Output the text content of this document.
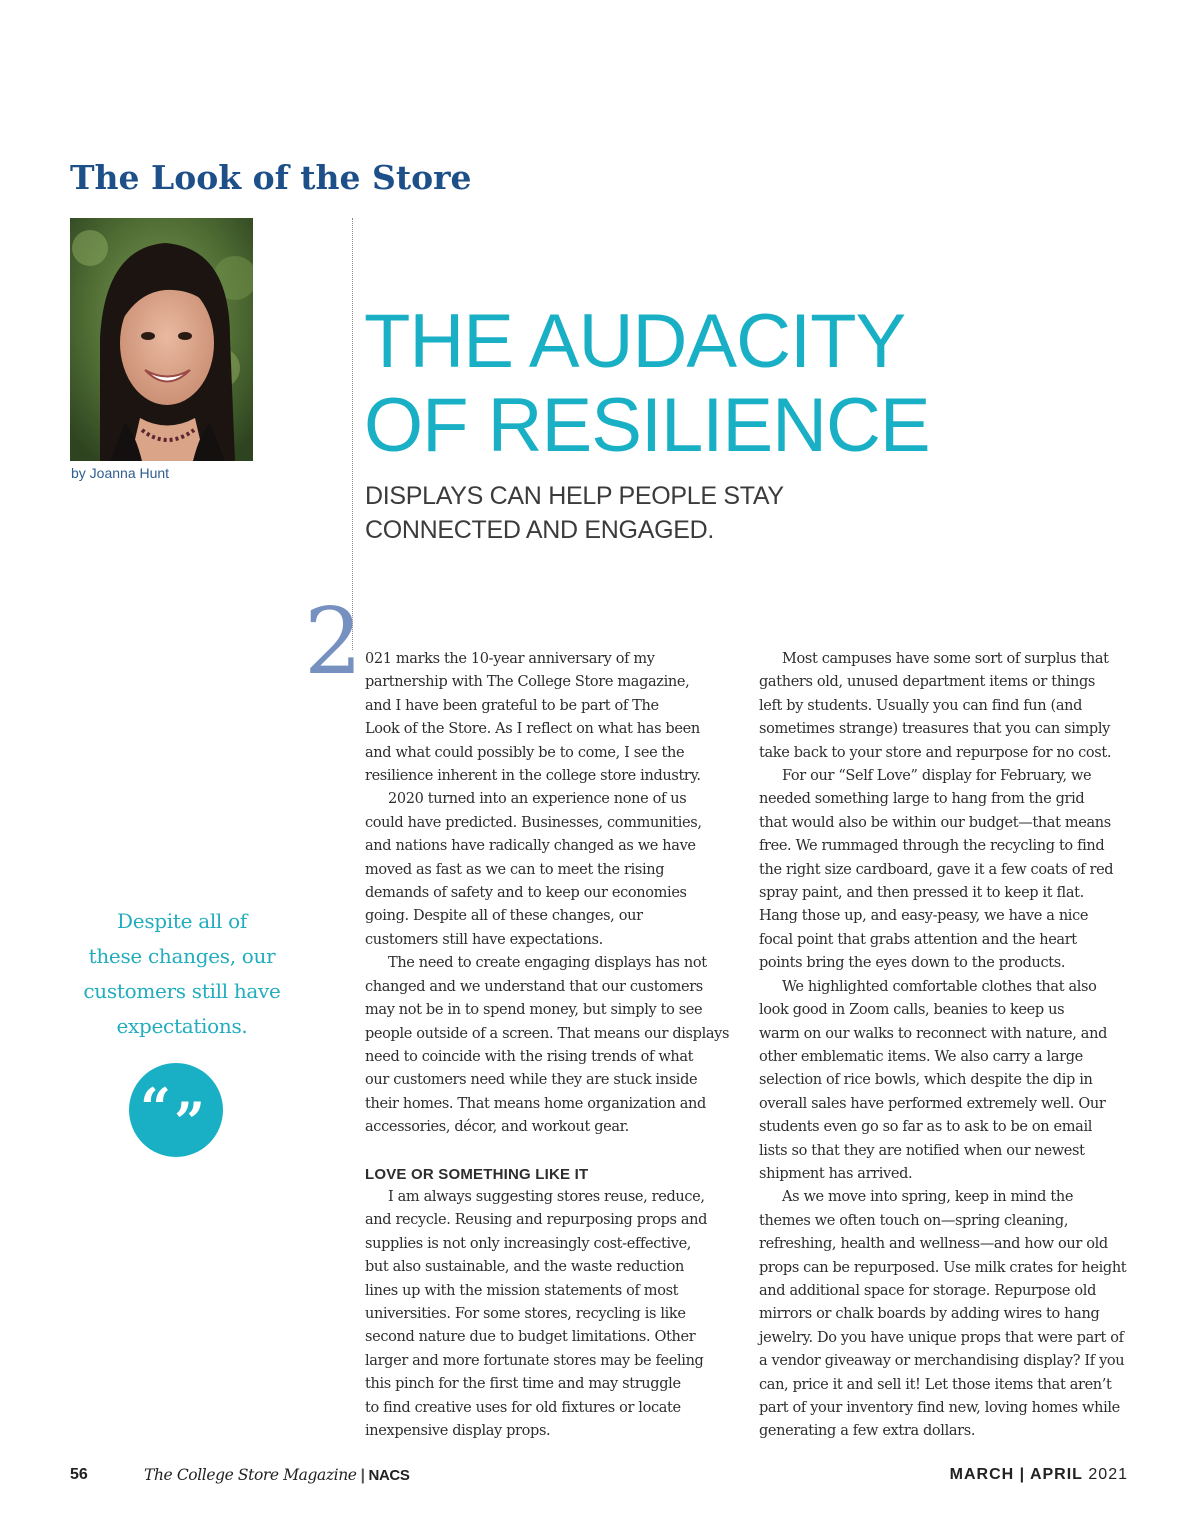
The Look of the Store
by Joanna Hunt
THE AUDACITY
OF RESILIENCE

DISPLAYS CAN HELP PEOPLE STAY
CONNECTED AND ENGAGED.

2

Despite all of
these changes, our
customers still have
expectations.

“ ”

021 marks the 10-year anniversary of my
partnership with The College Store magazine,
and I have been grateful to be part of The
Look of the Store. As I reflect on what has been
and what could possibly be to come, I see the
resilience inherent in the college store industry.

2020 turned into an experience none of us
could have predicted. Businesses, communities,
and nations have radically changed as we have
moved as fast as we can to meet the rising
demands of safety and to keep our economies
going. Despite all of these changes, our
customers still have expectations.

The need to create engaging displays has not
changed and we understand that our customers
may not be in to spend money, but simply to see
people outside of a screen. That means our displays
need to coincide with the rising trends of what
our customers need while they are stuck inside
their homes. That means home organization and
accessories, décor, and workout gear.

LOVE OR SOMETHING LIKE IT

I am always suggesting stores reuse, reduce,
and recycle. Reusing and repurposing props and
supplies is not only increasingly cost-effective,
but also sustainable, and the waste reduction
lines up with the mission statements of most
universities. For some stores, recycling is like
second nature due to budget limitations. Other
larger and more fortunate stores may be feeling
this pinch for the first time and may struggle
to find creative uses for old fixtures or locate
inexpensive display props.

Most campuses have some sort of surplus that
gathers old, unused department items or things
left by students. Usually you can find fun (and
sometimes strange) treasures that you can simply
take back to your store and repurpose for no cost.

For our “Self Love” display for February, we
needed something large to hang from the grid
that would also be within our budget—that means
free. We rummaged through the recycling to find
the right size cardboard, gave it a few coats of red
spray paint, and then pressed it to keep it flat.
Hang those up, and easy-peasy, we have a nice
focal point that grabs attention and the heart
points bring the eyes down to the products.

We highlighted comfortable clothes that also
look good in Zoom calls, beanies to keep us
warm on our walks to reconnect with nature, and
other emblematic items. We also carry a large
selection of rice bowls, which despite the dip in
overall sales have performed extremely well. Our
students even go so far as to ask to be on email
lists so that they are notified when our newest
shipment has arrived.

As we move into spring, keep in mind the
themes we often touch on—spring cleaning,
refreshing, health and wellness—and how our old
props can be repurposed. Use milk crates for height
and additional space for storage. Repurpose old
mirrors or chalk boards by adding wires to hang
jewelry. Do you have unique props that were part of
a vendor giveaway or merchandising display? If you
can, price it and sell it! Let those items that aren’t
part of your inventory find new, loving homes while
generating a few extra dollars.

56	The College Store Magazine | NACS	MARCH | APRIL 2021
